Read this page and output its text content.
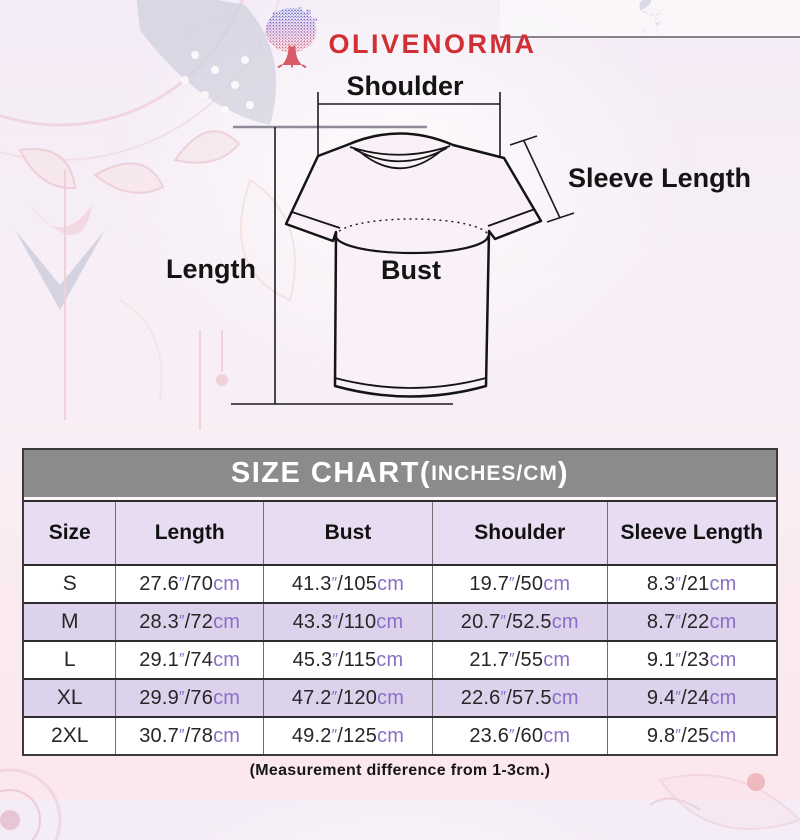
OLIVENORMA
Shoulder
Sleeve Length
Length	Bust
SIZE CHART( INCHES/CM )
Size	Length	Bust	Shoulder	Sleeve Length
S	27.6 ″ /70 cm	41.3 ″ /105 cm	19.7 ″ /50 cm	8.3 ″ /21 cm
M	28.3 ″ /72 cm	43.3 ″ /110 cm	20.7 ″ /52.5 cm	8.7 ″ /22 cm
L	29.1 ″ /74 cm	45.3 ″ /115 cm	21.7 ″ /55 cm	9.1 ″ /23 cm
XL	29.9 ″ /76 cm	47.2 ″ /120 cm	22.6 ″ /57.5 cm	9.4 ″ /24 cm
2XL	30.7 ″ /78 cm	49.2 ″ /125 cm	23.6 ″ /60 cm	9.8 ″ /25 cm
(Measurement difference from 1-3cm.)
